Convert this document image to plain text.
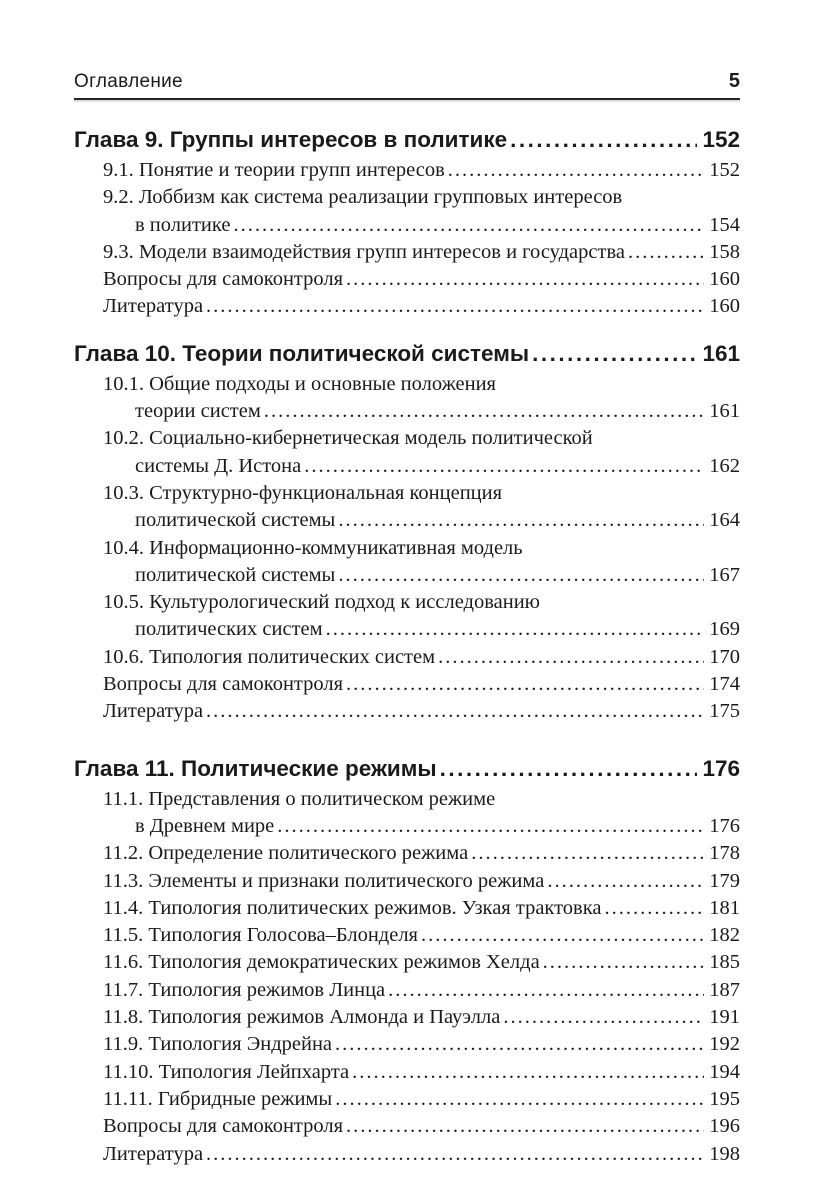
Оглавление	5
Глава 9. Группы интересов в политике .....	152
9.1. Понятие и теории групп интересов .....	152
9.2. Лоббизм как система реализации групповых интересов
в политике .....	154
9.3. Модели взаимодействия групп интересов и государства .....	158
Вопросы для самоконтроля .....	160
Литература .....	160
Глава 10. Теории политической системы .....	161
10.1. Общие подходы и основные положения
теории систем .....	161
10.2. Социально-кибернетическая модель политической
системы Д. Истона .....	162
10.3. Структурно-функциональная концепция
политической системы .....	164
10.4. Информационно-коммуникативная модель
политической системы .....	167
10.5. Культурологический подход к исследованию
политических систем .....	169
10.6. Типология политических систем .....	170
Вопросы для самоконтроля .....	174
Литература .....	175
Глава 11. Политические режимы .....	176
11.1. Представления о политическом режиме
в Древнем мире .....	176
11.2. Определение политического режима .....	178
11.3. Элементы и признаки политического режима .....	179
11.4. Типология политических режимов. Узкая трактовка .....	181
11.5. Типология Голосова–Блонделя .....	182
11.6. Типология демократических режимов Хелда .....	185
11.7. Типология режимов Линца .....	187
11.8. Типология режимов Алмонда и Пауэлла .....	191
11.9. Типология Эндрейна .....	192
11.10. Типология Лейпхарта .....	194
11.11. Гибридные режимы .....	195
Вопросы для самоконтроля .....	196
Литература .....	198
